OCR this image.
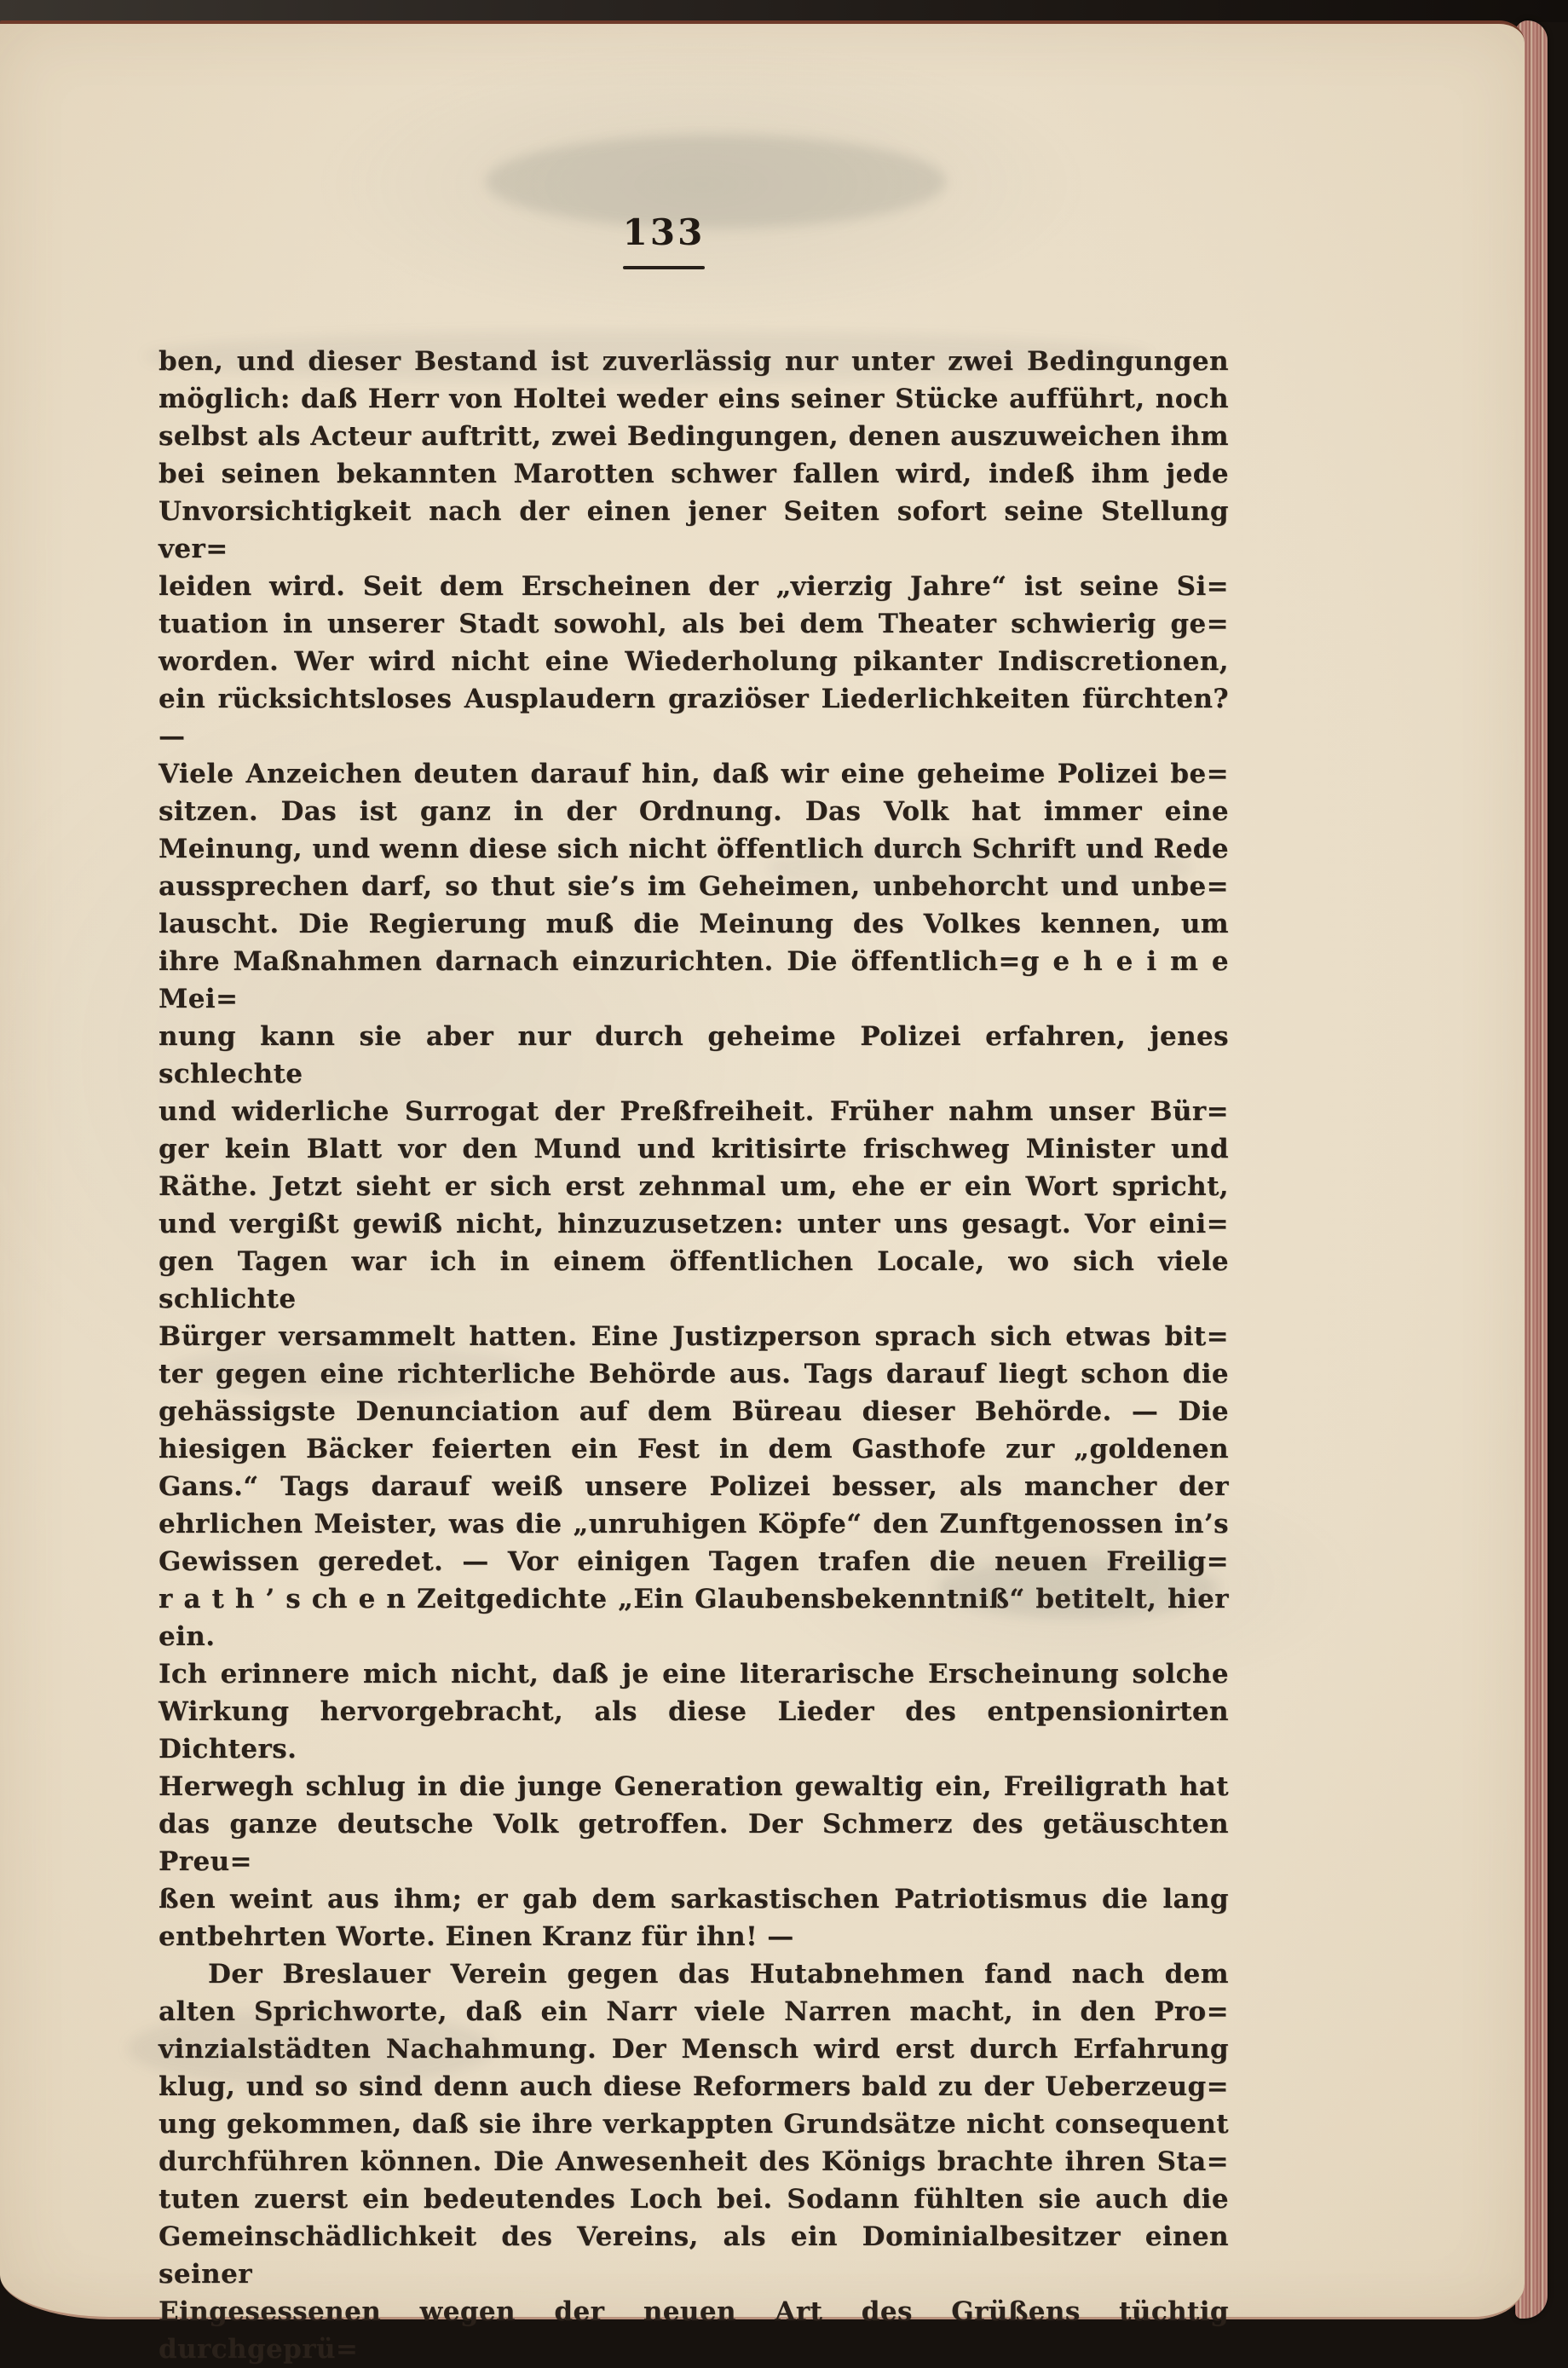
133
ben, und dieser Bestand ist zuverlässig nur unter zwei Bedingungen
möglich: daß Herr von Holtei weder eins seiner Stücke aufführt, noch
selbst als Acteur auftritt, zwei Bedingungen, denen auszuweichen ihm
bei seinen bekannten Marotten schwer fallen wird, indeß ihm jede
Unvorsichtigkeit nach der einen jener Seiten sofort seine Stellung ver=
leiden wird. Seit dem Erscheinen der „vierzig Jahre“ ist seine Si=
tuation in unserer Stadt sowohl, als bei dem Theater schwierig ge=
worden. Wer wird nicht eine Wiederholung pikanter Indiscretionen,
ein rücksichtsloses Ausplaudern graziöser Liederlichkeiten fürchten? —
Viele Anzeichen deuten darauf hin, daß wir eine geheime Polizei be=
sitzen. Das ist ganz in der Ordnung. Das Volk hat immer eine
Meinung, und wenn diese sich nicht öffentlich durch Schrift und Rede
aussprechen darf, so thut sie’s im Geheimen, unbehorcht und unbe=
lauscht. Die Regierung muß die Meinung des Volkes kennen, um
ihre Maßnahmen darnach einzurichten. Die öffentlich=g e h e i m e Mei=
nung kann sie aber nur durch geheime Polizei erfahren, jenes schlechte
und widerliche Surrogat der Preßfreiheit. Früher nahm unser Bür=
ger kein Blatt vor den Mund und kritisirte frischweg Minister und
Räthe. Jetzt sieht er sich erst zehnmal um, ehe er ein Wort spricht,
und vergißt gewiß nicht, hinzuzusetzen: unter uns gesagt. Vor eini=
gen Tagen war ich in einem öffentlichen Locale, wo sich viele schlichte
Bürger versammelt hatten. Eine Justizperson sprach sich etwas bit=
ter gegen eine richterliche Behörde aus. Tags darauf liegt schon die
gehässigste Denunciation auf dem Büreau dieser Behörde. — Die
hiesigen Bäcker feierten ein Fest in dem Gasthofe zur „goldenen
Gans.“ Tags darauf weiß unsere Polizei besser, als mancher der
ehrlichen Meister, was die „unruhigen Köpfe“ den Zunftgenossen in’s
Gewissen geredet. — Vor einigen Tagen trafen die neuen Freilig=
r a t h ’ s ch e n Zeitgedichte „Ein Glaubensbekenntniß“ betitelt, hier ein.
Ich erinnere mich nicht, daß je eine literarische Erscheinung solche
Wirkung hervorgebracht, als diese Lieder des entpensionirten Dichters.
Herwegh schlug in die junge Generation gewaltig ein, Freiligrath hat
das ganze deutsche Volk getroffen. Der Schmerz des getäuschten Preu=
ßen weint aus ihm; er gab dem sarkastischen Patriotismus die lang
entbehrten Worte. Einen Kranz für ihn! —
Der Breslauer Verein gegen das Hutabnehmen fand nach dem
alten Sprichworte, daß ein Narr viele Narren macht, in den Pro=
vinzialstädten Nachahmung. Der Mensch wird erst durch Erfahrung
klug, und so sind denn auch diese Reformers bald zu der Ueberzeug=
ung gekommen, daß sie ihre verkappten Grundsätze nicht consequent
durchführen können. Die Anwesenheit des Königs brachte ihren Sta=
tuten zuerst ein bedeutendes Loch bei. Sodann fühlten sie auch die
Gemeinschädlichkeit des Vereins, als ein Dominialbesitzer einen seiner
Eingesessenen wegen der neuen Art des Grüßens tüchtig durchgeprü=
